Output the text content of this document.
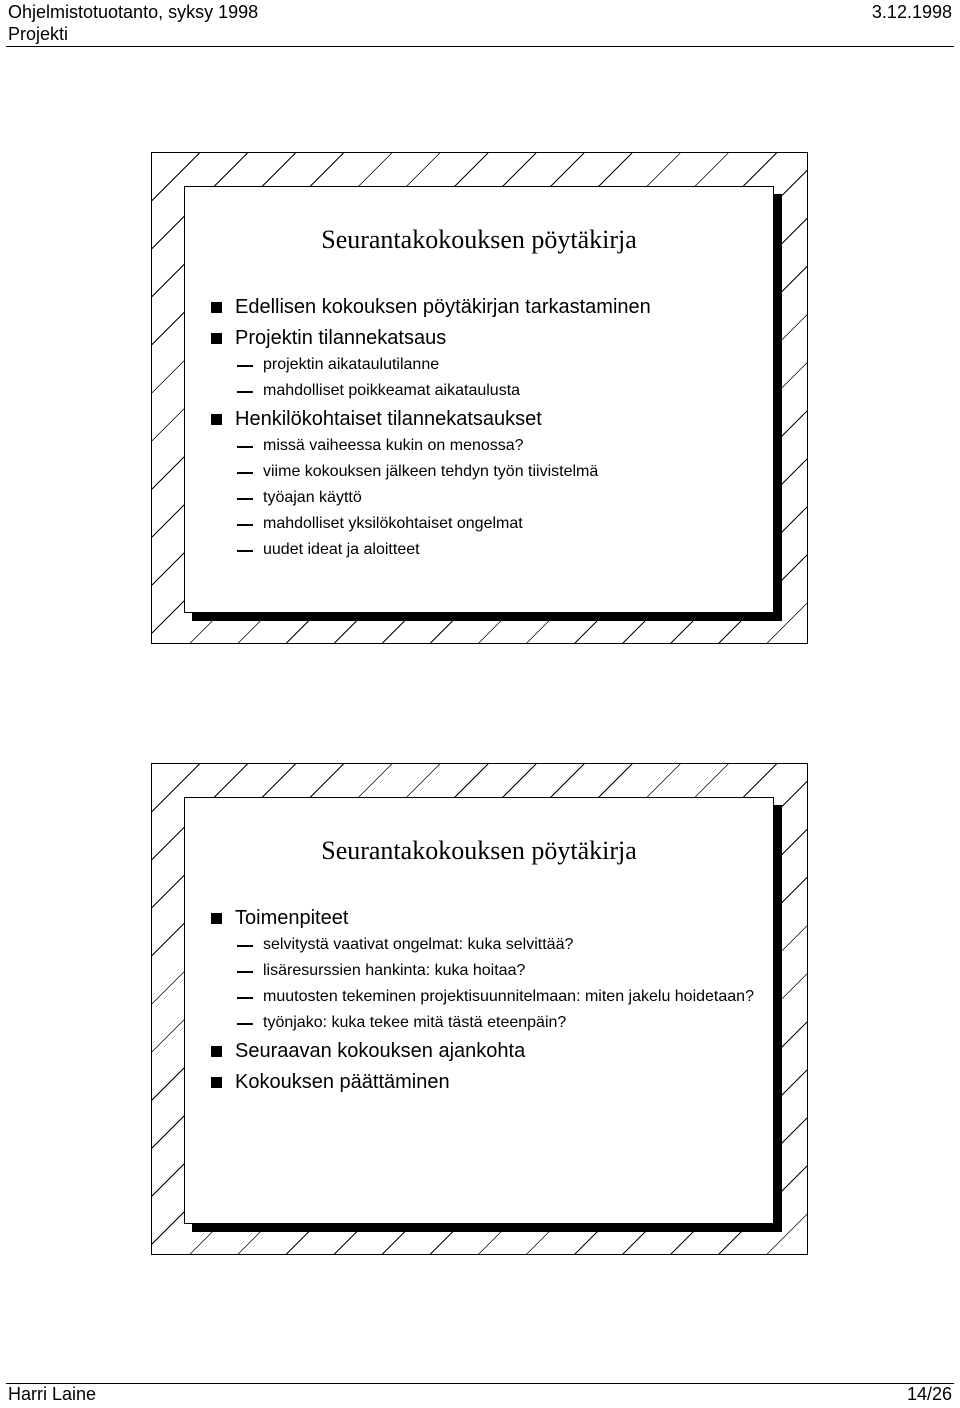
Ohjelmistotuotanto, syksy 1998
Projekti
3.12.1998
Seurantakokouksen pöytäkirja
Edellisen kokouksen pöytäkirjan tarkastaminen
Projektin tilannekatsaus
projektin aikataulutilanne
mahdolliset poikkeamat aikataulusta
Henkilökohtaiset tilannekatsaukset
missä vaiheessa kukin on menossa?
viime kokouksen jälkeen tehdyn työn tiivistelmä
työajan käyttö
mahdolliset yksilökohtaiset ongelmat
uudet ideat ja aloitteet
Seurantakokouksen pöytäkirja
Toimenpiteet
selvitystä vaativat ongelmat: kuka selvittää?
lisäresurssien hankinta: kuka hoitaa?
muutosten tekeminen projektisuunnitelmaan: miten jakelu hoidetaan?
työnjako: kuka tekee mitä tästä eteenpäin?
Seuraavan kokouksen ajankohta
Kokouksen päättäminen
Harri Laine	14/26
